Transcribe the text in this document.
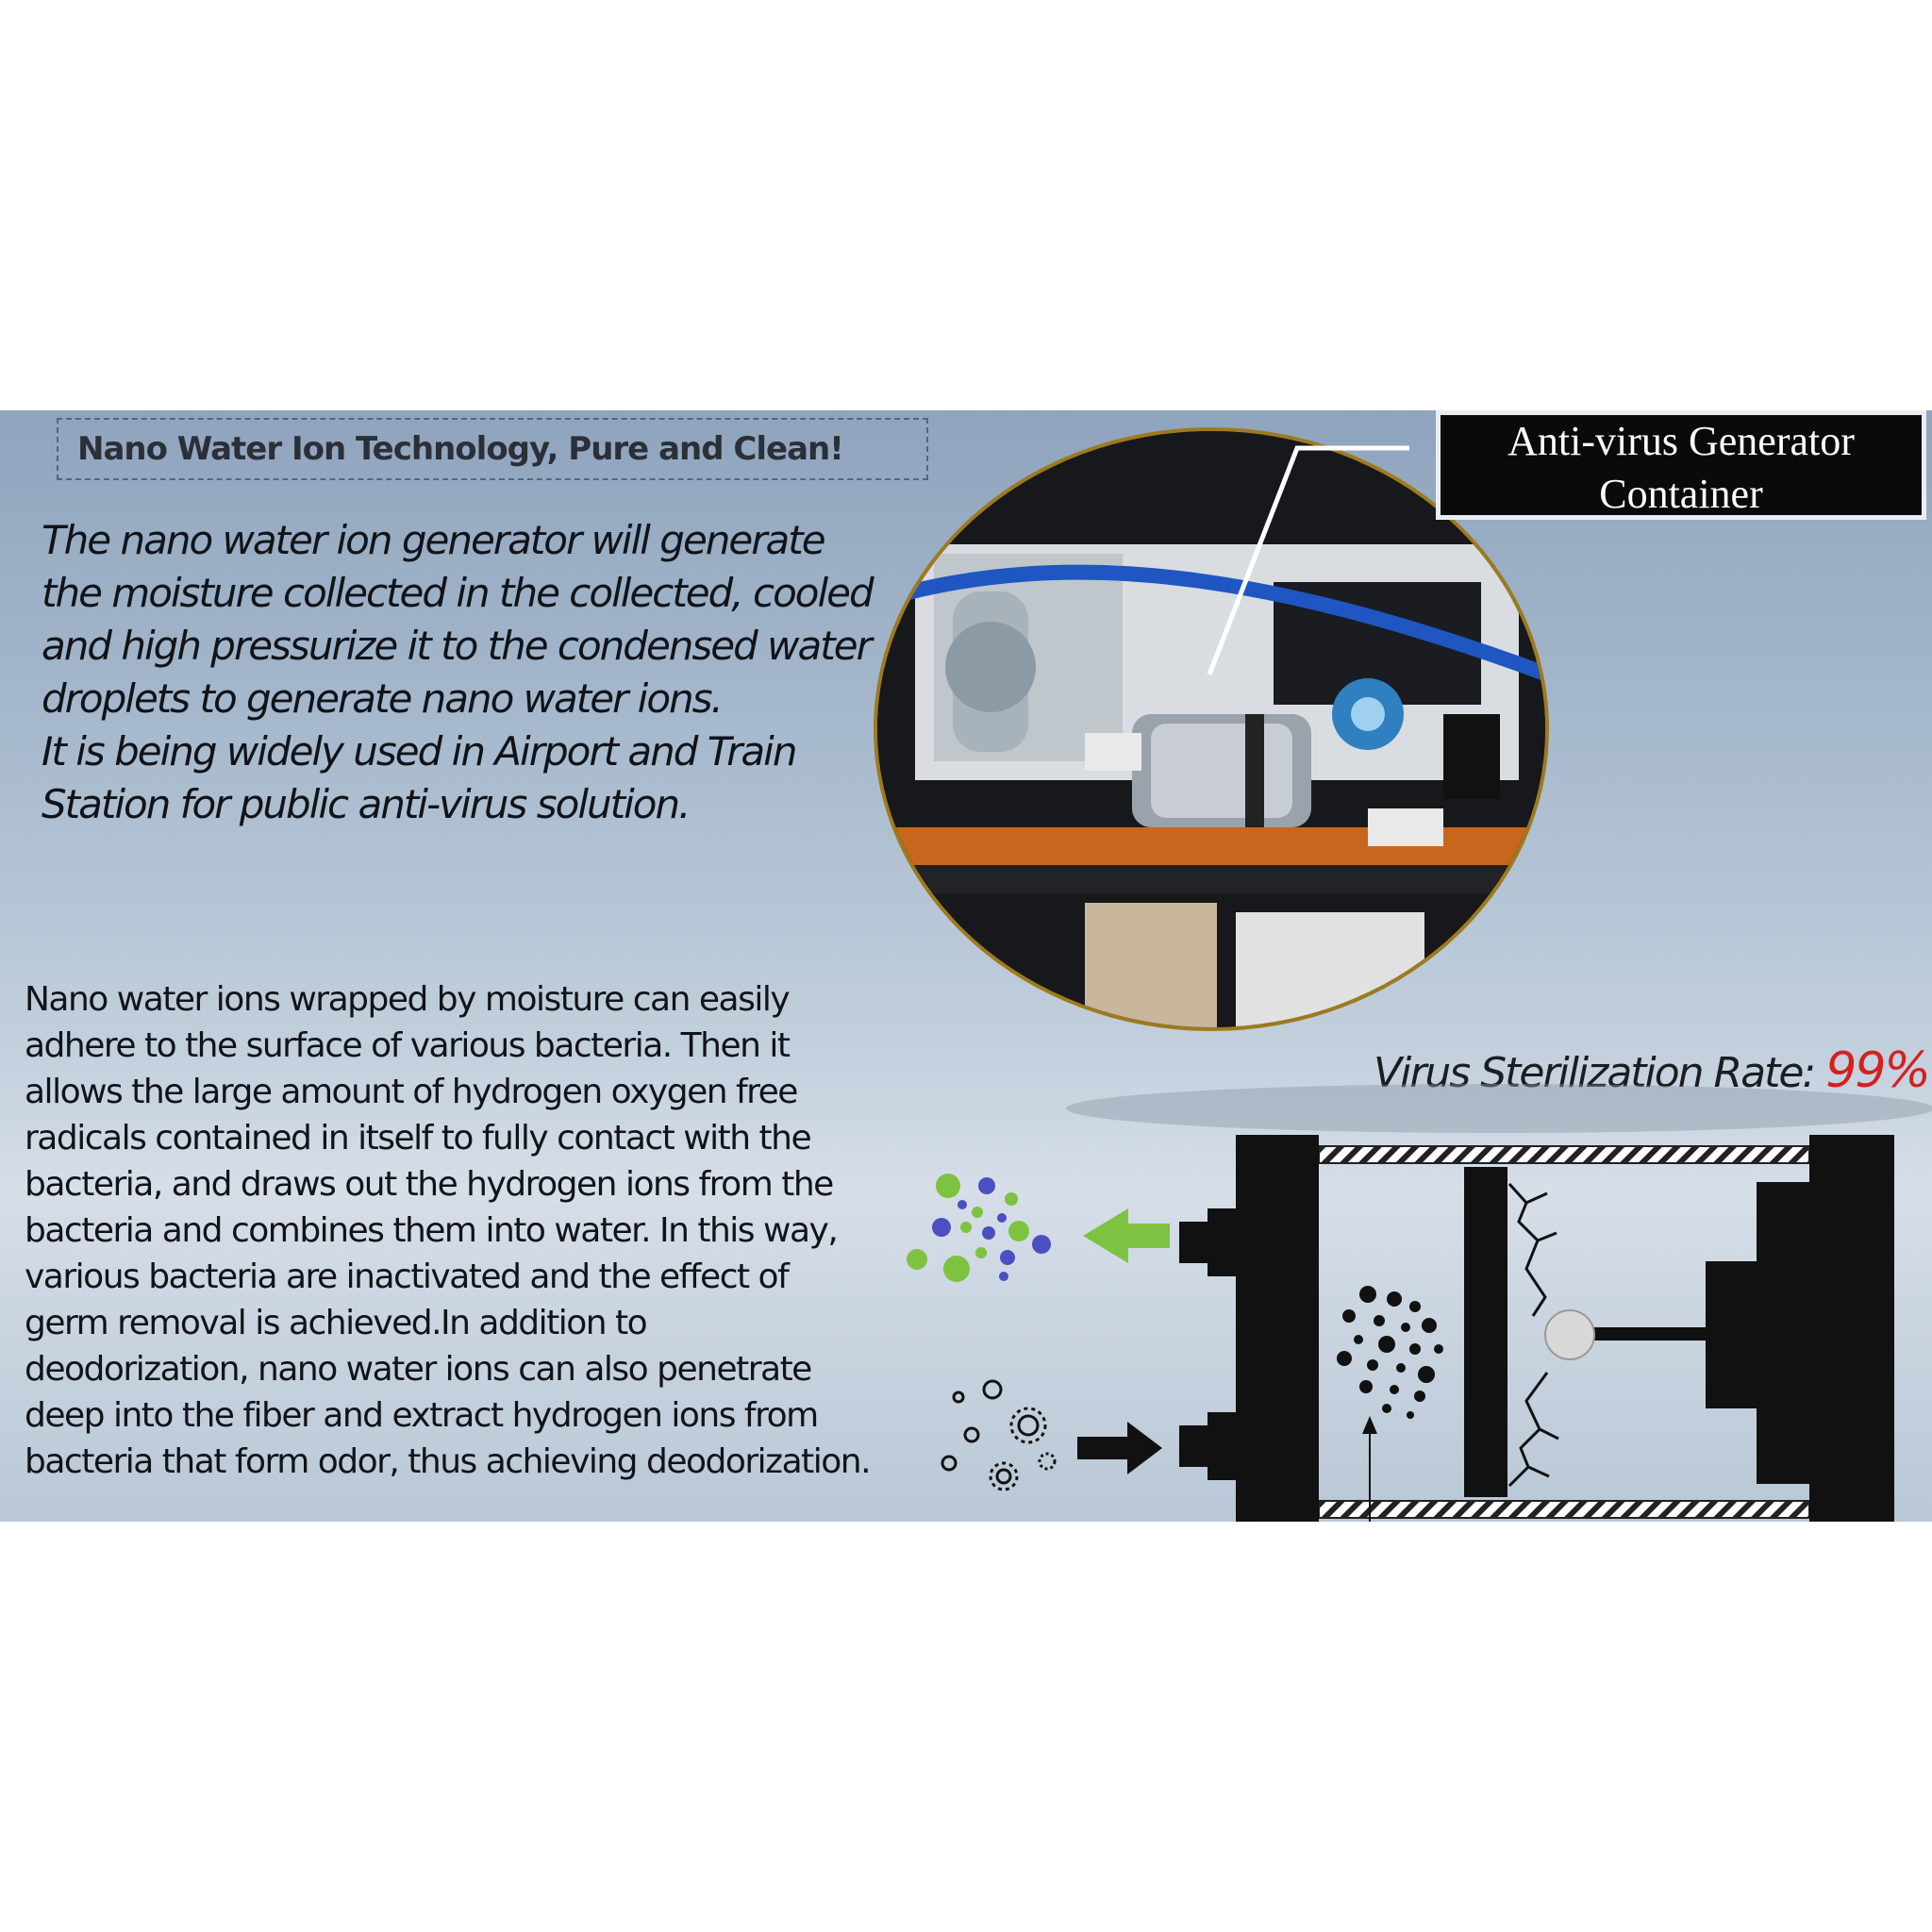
Nano Water Ion Technology, Pure and Clean!

The nano water ion generator will generate the moisture collected in the collected, cooled and high pressurize it to the condensed water droplets to generate nano water ions.

It is being widely used in Airport and Train Station for public anti-virus solution.

Nano water ions wrapped by moisture can easily adhere to the surface of various bacteria. Then it allows the large amount of hydrogen oxygen free radicals contained in itself to fully contact with the bacteria, and draws out the hydrogen ions from the bacteria and combines them into water. In this way, various bacteria are inactivated and the effect of germ removal is achieved.In addition to deodorization, nano water ions can also penetrate deep into the fiber and extract hydrogen ions from bacteria that form odor, thus achieving deodorization.
Anti-virus Generator
Container
Virus Sterilization Rate: 99%
